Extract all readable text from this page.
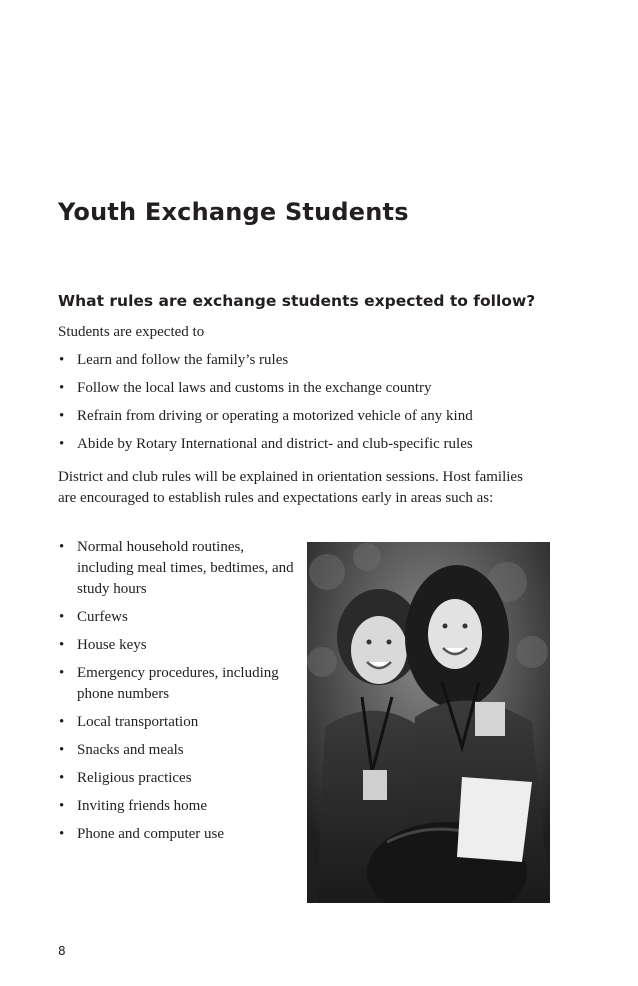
Youth Exchange Students
What rules are exchange students expected to follow?

Students are expected to

• Learn and follow the family’s rules
• Follow the local laws and customs in the exchange country
• Refrain from driving or operating a motorized vehicle of any kind
• Abide by Rotary International and district- and club-specific rules

District and club rules will be explained in orientation sessions. Host families are encouraged to establish rules and expectations early in areas such as:

• Normal household routines, including meal times, bedtimes, and study hours
• Curfews
• House keys
• Emergency procedures, including phone numbers
• Local transportation
• Snacks and meals
• Religious practices
• Inviting friends home
• Phone and computer use
8
